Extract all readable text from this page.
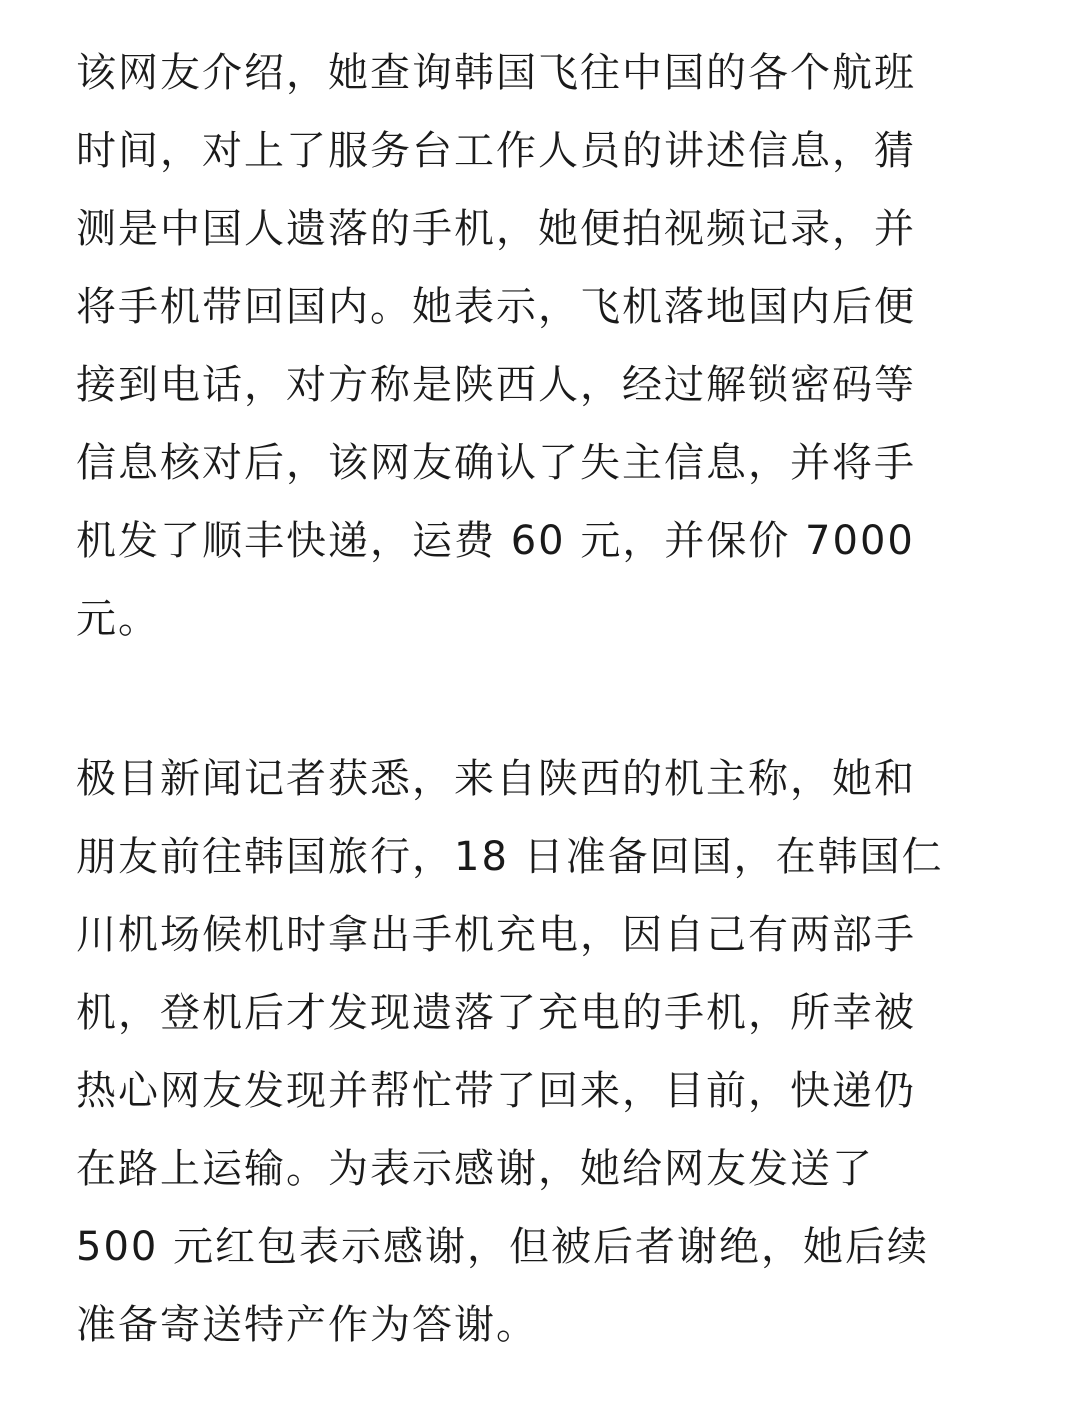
该网友介绍，她查询韩国飞往中国的各个航班
时间，对上了服务台工作人员的讲述信息，猜
测是中国人遗落的手机，她便拍视频记录，并
将手机带回国内。她表示，飞机落地国内后便
接到电话，对方称是陕西人，经过解锁密码等
信息核对后，该网友确认了失主信息，并将手
机发了顺丰快递，运费 60 元，并保价 7000
元。
极目新闻记者获悉，来自陕西的机主称，她和
朋友前往韩国旅行，18 日准备回国，在韩国仁
川机场候机时拿出手机充电，因自己有两部手
机，登机后才发现遗落了充电的手机，所幸被
热心网友发现并帮忙带了回来，目前，快递仍
在路上运输。为表示感谢，她给网友发送了
500 元红包表示感谢，但被后者谢绝，她后续
准备寄送特产作为答谢。
